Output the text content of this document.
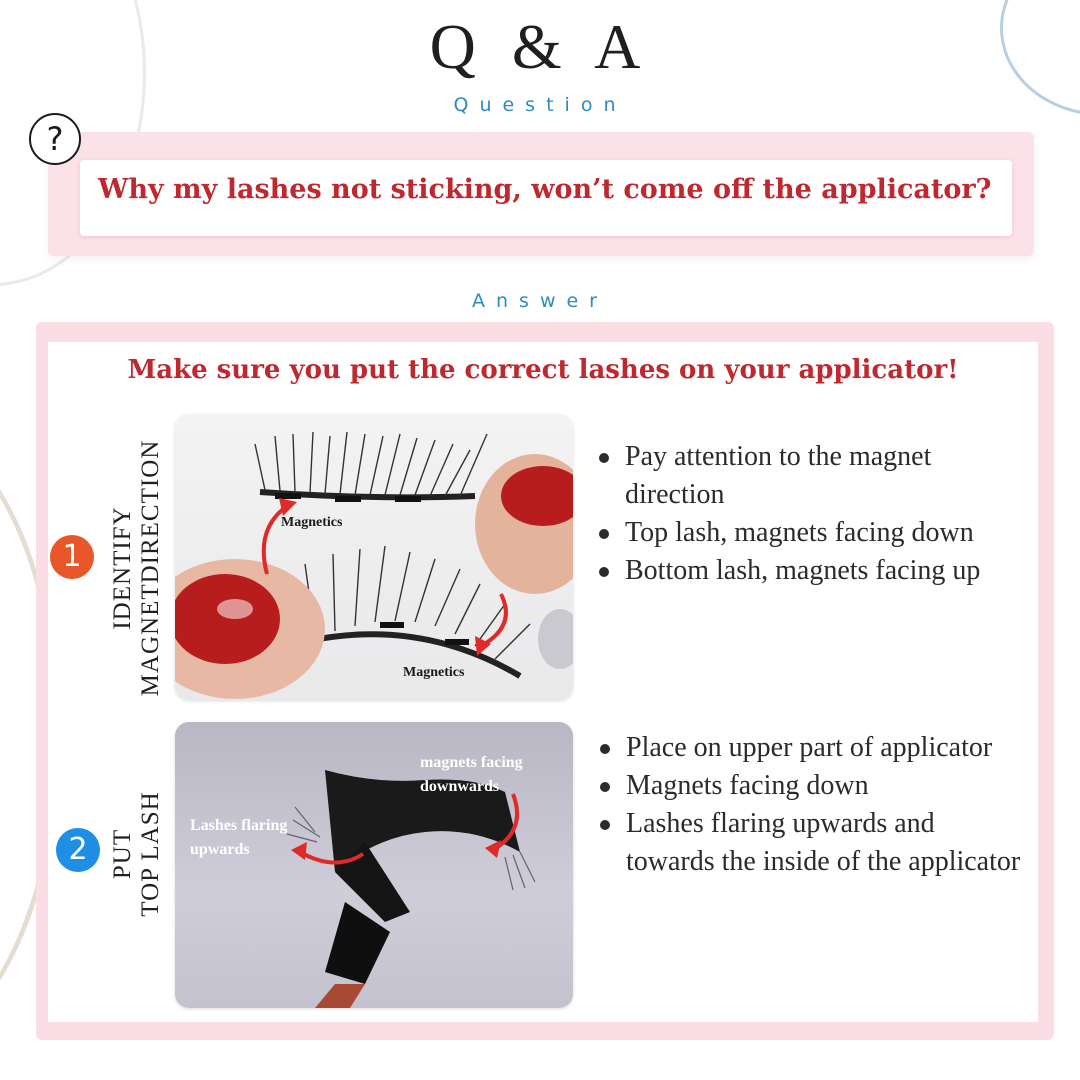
Q & A
Question
?
Why my lashes not sticking, won’t come off the applicator?
Answer
Make sure you put the correct lashes on your applicator!
1	IDENTIFY MAGNETDIRECTION	Magnetics
Magnetics
Pay attention to the magnet direction
Top lash, magnets facing down
Bottom lash, magnets facing up
2 PUT TOP LASH
magnets facing downwards
Lashes flaring upwards
Place on upper part of applicator
Magnets facing down
Lashes flaring upwards and towards the inside of the applicator
